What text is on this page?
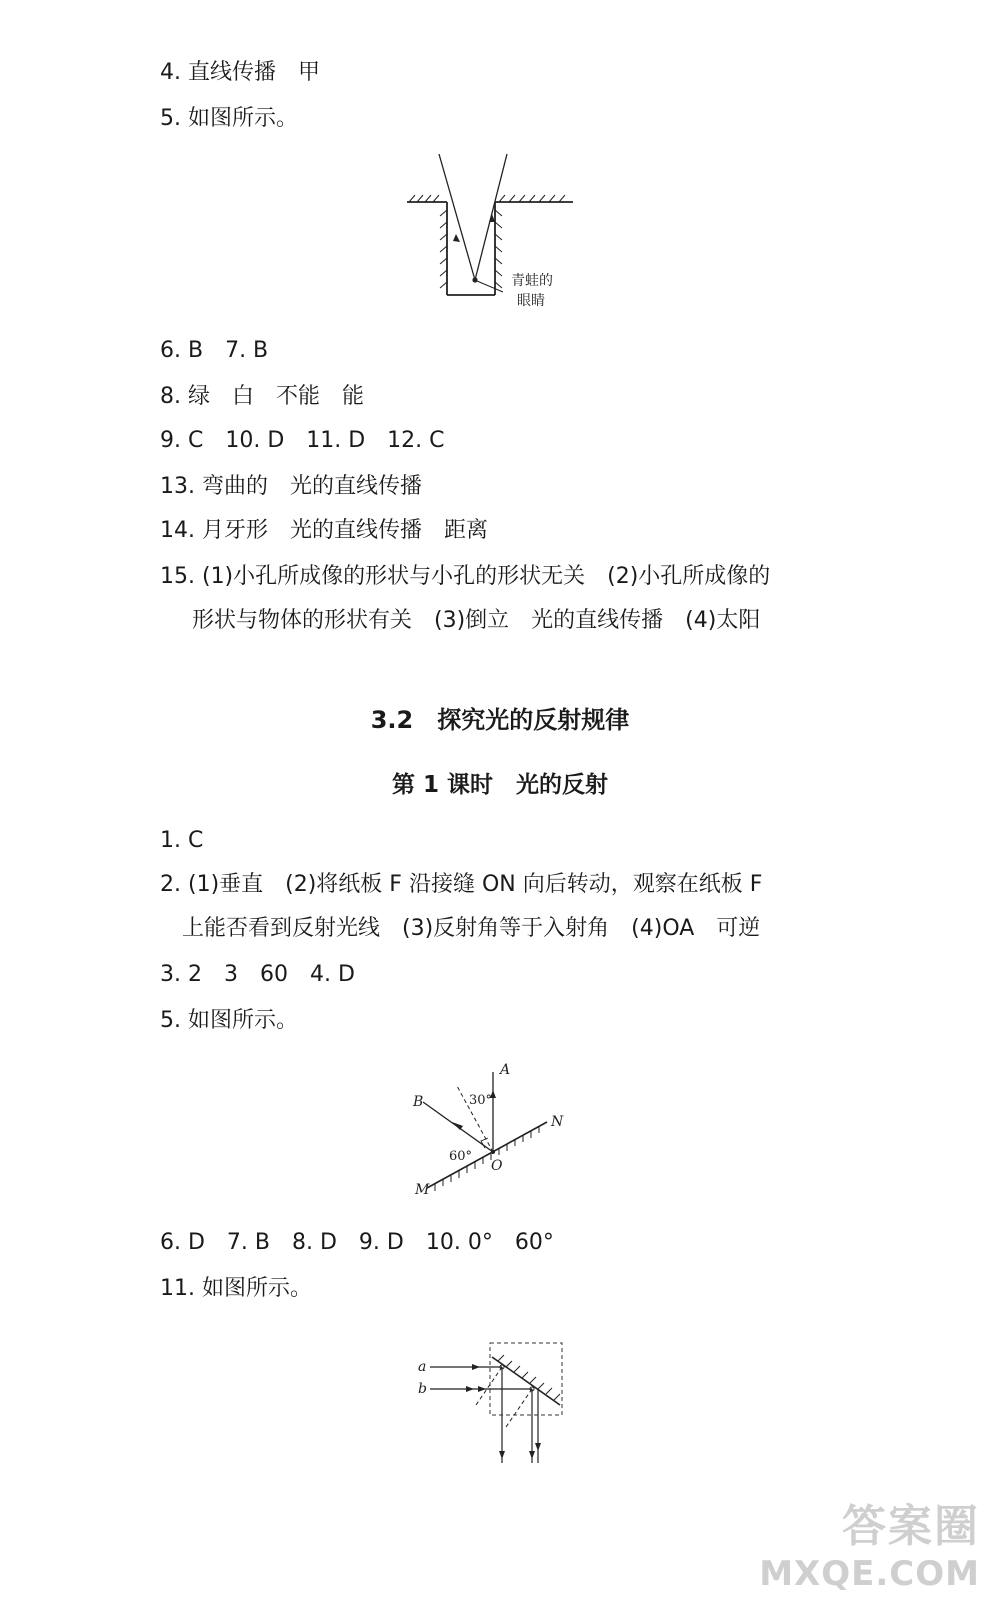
4. 直线传播　甲
5. 如图所示。
青蛙的
眼睛
6. B　7. B
8. 绿　白　不能　能
9. C　10. D　11. D　12. C
13. 弯曲的　光的直线传播
14. 月牙形　光的直线传播　距离
15. (1)小孔所成像的形状与小孔的形状无关　(2)小孔所成像的
形状与物体的形状有关　(3)倒立　光的直线传播　(4)太阳
3.2　探究光的反射规律
第 1 课时　光的反射
1. C
2. (1)垂直　(2)将纸板 F 沿接缝 ON 向后转动，观察在纸板 F
上能否看到反射光线　(3)反射角等于入射角　(4)OA　可逆
3. 2　3　60　4. D
5. 如图所示。
A
B
N
M
O
30°
60°
6. D　7. B　8. D　9. D　10. 0°　60°
11. 如图所示。
a
b
答案圈
MXQE.COM
